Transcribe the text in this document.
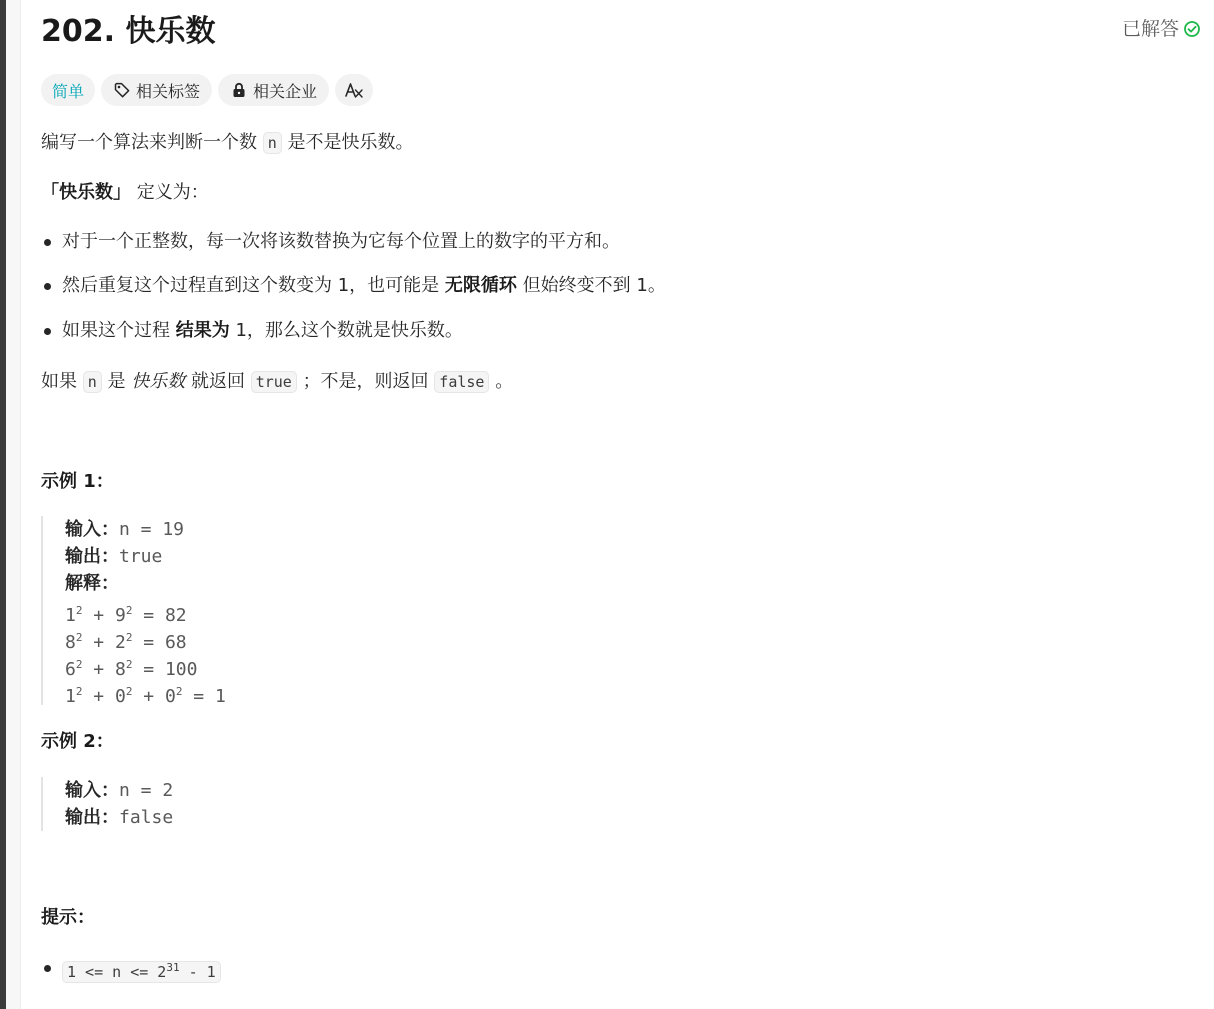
202. 快乐数	已解答
简单	相关标签	相关企业
编写一个算法来判断一个数 n 是不是快乐数。
「快乐数」 定义为：
对于一个正整数，每一次将该数替换为它每个位置上的数字的平方和。
然后重复这个过程直到这个数变为 1，也可能是 无限循环 但始终变不到 1。
如果这个过程 结果为 1，那么这个数就是快乐数。
如果 n 是 快乐数 就返回 true ；不是，则返回 false 。
示例 1：
输入：n = 19
输出：true
解释：
$1^2 + 9^2 = 82$
$8^2 + 2^2 = 68$
$6^2 + 8^2 = 100$
$1^2 + 0^2 + 0^2 = 1$
示例 2：
输入：n = 2
输出：false
提示：
$1 <= n <= 2^{31} - 1$
